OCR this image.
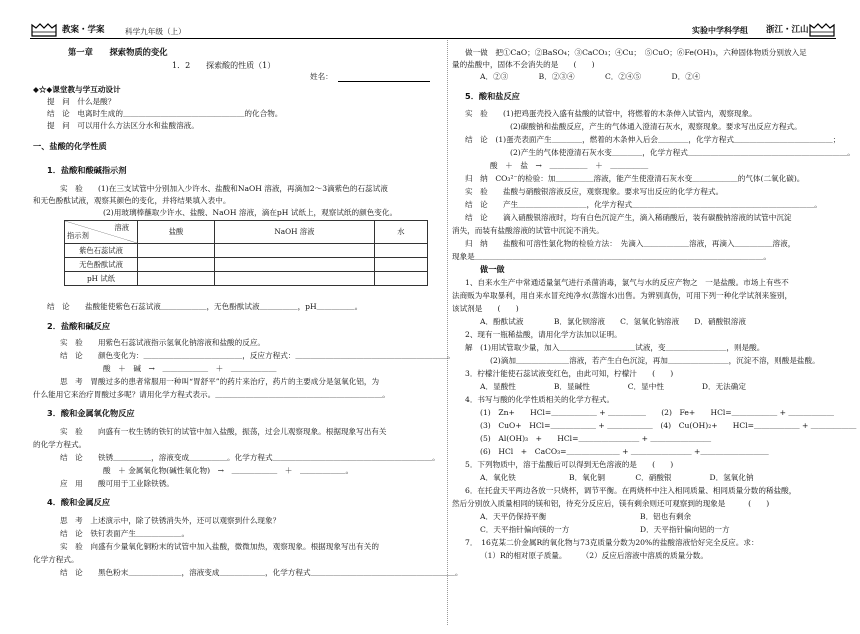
教案・学案	科学九年级（上）	实验中学科学组 浙江・江山
第一章　　探索物质的变化
1．2　　探索酸的性质（1）
姓名：
◆☆◆课堂教与学互动设计
提　问　什么是酸？
结　论　电离时生成的＿＿＿＿＿＿＿＿＿＿＿＿＿＿＿＿的化合物。
提　问　可以用什么方法区分水和盐酸溶液。
一、盐酸的化学性质
1．盐酸和酸碱指示剂
实　验　　(1)在三支试管中分别加入少许水、盐酸和NaOH 溶液，再滴加2～3滴紫色的石蕊试液
和无色酚酞试液，观察其颜色的变化，并将结果填入表中。
(2)用玻璃棒蘸取少许水、盐酸、NaOH 溶液，滴在pH 试纸上，观察试纸的颜色变化。
溶液
指示剂	盐酸	NaOH 溶液	水
紫色石蕊试液			
无色酚酞试液			
pH 试纸			
结　论　　盐酸能使紫色石蕊试液＿＿＿＿＿＿，无色酚酞试液＿＿＿＿＿，pH＿＿＿＿＿。
2．盐酸和碱反应
实　验　　用紫色石蕊试液指示氢氧化钠溶液和盐酸的反应。
结　论　　颜色变化为：＿＿＿＿＿＿＿＿＿＿＿＿＿，反应方程式：＿＿＿＿＿＿＿＿＿＿＿＿＿＿＿＿＿＿＿＿。
酸　＋　碱　→　＿＿＿＿＿＿　＋　＿＿＿＿＿＿
思　考　胃酸过多的患者常服用一种叫“胃舒平”的药片来治疗，药片的主要成分是氢氧化铝，为
什么能用它来治疗胃酸过多呢？请用化学方程式表示。＿＿＿＿＿＿＿＿＿＿＿＿＿＿＿＿＿＿＿＿＿＿。
3．酸和金属氧化物反应
实　验　　向盛有一枚生锈的铁钉的试管中加入盐酸，振荡，过会儿观察现象。根据现象写出有关
的化学方程式。
结　论　　铁锈＿＿＿＿＿，溶液变成＿＿＿＿＿。化学方程式＿＿＿＿＿＿＿＿＿＿＿＿＿＿＿＿＿＿＿＿＿。
酸　＋ 金属氧化物(碱性氧化物)　→　＿＿＿＿＿＿　＋　＿＿＿＿＿＿。
应　用　　酸可用于工业除铁锈。
4．酸和金属反应
思　考　上述演示中，除了铁锈消失外，还可以观察到什么现象？
结　论　铁钉表面产生＿＿＿＿＿＿。
实　验　向盛有少量氧化铜粉末的试管中加入盐酸，微微加热，观察现象。根据现象写出有关的
化学方程式。
结　论　　黑色粉末＿＿＿＿＿＿＿，溶液变成＿＿＿＿＿＿，化学方程式＿＿＿＿＿＿＿＿＿＿＿＿＿＿＿＿＿＿＿。
做一做　把①CaO；②BaSO₄；③CaCO₃；④Cu；　⑤CuO；⑥Fe(OH)₃，六种固体物质分别放入足
量的盐酸中，固体不会消失的是　　(　　)
A．②③　　　　B．②③④　　　　C．②④⑤　　　　D．②④
5．酸和盐反应
实　验　　(1)把鸡蛋壳投入盛有盐酸的试管中，将燃着的木条伸入试管内，观察现象。
(2)碳酸钠和盐酸反应，产生的气体通入澄清石灰水，观察现象。要求写出反应方程式。
结　论　(1)蛋壳表面产生＿＿＿＿，燃着的木条伸入后会＿＿＿＿，化学方程式＿＿＿＿＿＿＿＿＿＿＿＿＿；
(2)产生的气体使澄清石灰水变＿＿＿＿，化学方程式＿＿＿＿＿＿＿＿＿＿＿＿＿＿＿＿＿＿＿＿＿。
酸　＋　盐　→　＿＿＿＿＿　＋　＿＿＿＿＿
归　纳　CO₃²⁻的检验：加＿＿＿＿＿溶液，能产生使澄清石灰水变＿＿＿＿＿＿的气体(二氧化碳)。
实　验　　盐酸与硝酸银溶液反应，观察现象。要求写出反应的化学方程式。
结　论　　产生＿＿＿＿＿＿＿＿＿，化学方程式＿＿＿＿＿＿＿＿＿＿＿＿＿＿＿＿＿＿＿＿＿＿＿＿。
结　论　　滴入硝酸银溶液时，均有白色沉淀产生，滴入稀硝酸后，装有碳酸钠溶液的试管中沉淀
消失，而装有盐酸溶液的试管中沉淀不消失。
归　纳　　盐酸和可溶性氯化物的检验方法：　先滴入＿＿＿＿＿＿溶液，再滴入＿＿＿＿＿溶液，
现象是＿＿＿＿＿＿＿＿＿＿＿＿＿＿＿＿＿＿＿＿＿＿＿＿＿＿＿＿＿＿＿＿＿＿＿＿＿＿。
做一做
1、自来水生产中常通适量氯气进行杀菌消毒，氯气与水的反应产物之　一是盐酸。市场上有些不
法商贩为牟取暴利，用自来水冒充纯净水(蒸馏水)出售。为辨别真伪，可用下列一种化学试剂来鉴别，
该试剂是　　(　　)
A．酚酞试液　　　　B．氯化钡溶液　　C．氢氧化钠溶液　　D．硝酸银溶液
2、现有一瓶稀盐酸，请用化学方法加以证明。
解　(1)用试管取少量，加入＿＿＿＿＿＿＿＿＿＿试液，变＿＿＿＿＿＿＿＿，则是酸。
(2)滴加＿＿＿＿＿＿＿溶液，若产生白色沉淀，再加＿＿＿＿＿＿＿＿，沉淀不溶，则酸是盐酸。
3．柠檬汁能使石蕊试液变红色，由此可知，柠檬汁　　(　　)
A．显酸性　　　　　B．显碱性　　　　　C．显中性　　　　　D．无法确定
4．书写与酸的化学性质相关的化学方程式。
(1)　Zn+　　HCl=＿＿＿＿＿＿ + ＿＿＿＿＿　　(2)　Fe+　　HCl=＿＿＿＿＿＿ + ＿＿＿＿＿＿
(3)　CuO+　HCl=＿＿＿＿＿＿ + ＿＿＿＿＿＿　(4)　Cu(OH)₂+　　HCl=＿＿＿＿＿＿ + ＿＿＿＿＿＿
(5)　Al(OH)₃　+　　HCl=＿＿＿＿＿＿＿＿ + ＿＿＿＿＿＿＿＿
(6)　HCl　+　CaCO₃=＿＿＿＿＿＿＿ + ＿＿＿＿＿＿＿＿ +＿＿＿＿＿＿＿＿＿
5．下列物质中，溶于盐酸后可以得到无色溶液的是　　(　　)
A．氧化铁　　　　　　　B．氧化铜　　　　C．硝酸银　　　　　D．氢氧化钠
6．在托盘天平两边各放一只烧杯，调节平衡。在两烧杯中注入相同质量、相同质量分数的稀盐酸，
然后分别放入质量相同的镁和铝，待充分反应后，镁有剩余则还可观察到的现象是　　　(　　)
A．天平仍保持平衡	B．铝也有剩余
C．天平指针偏向镁的一方	D．天平指针偏向铝的一方
7．　16克某二价金属R的氧化物与73克质量分数为20%的盐酸溶液恰好完全反应。求：
（1）R的相对原子质量。　　　（2）反应后溶液中溶质的质量分数。
